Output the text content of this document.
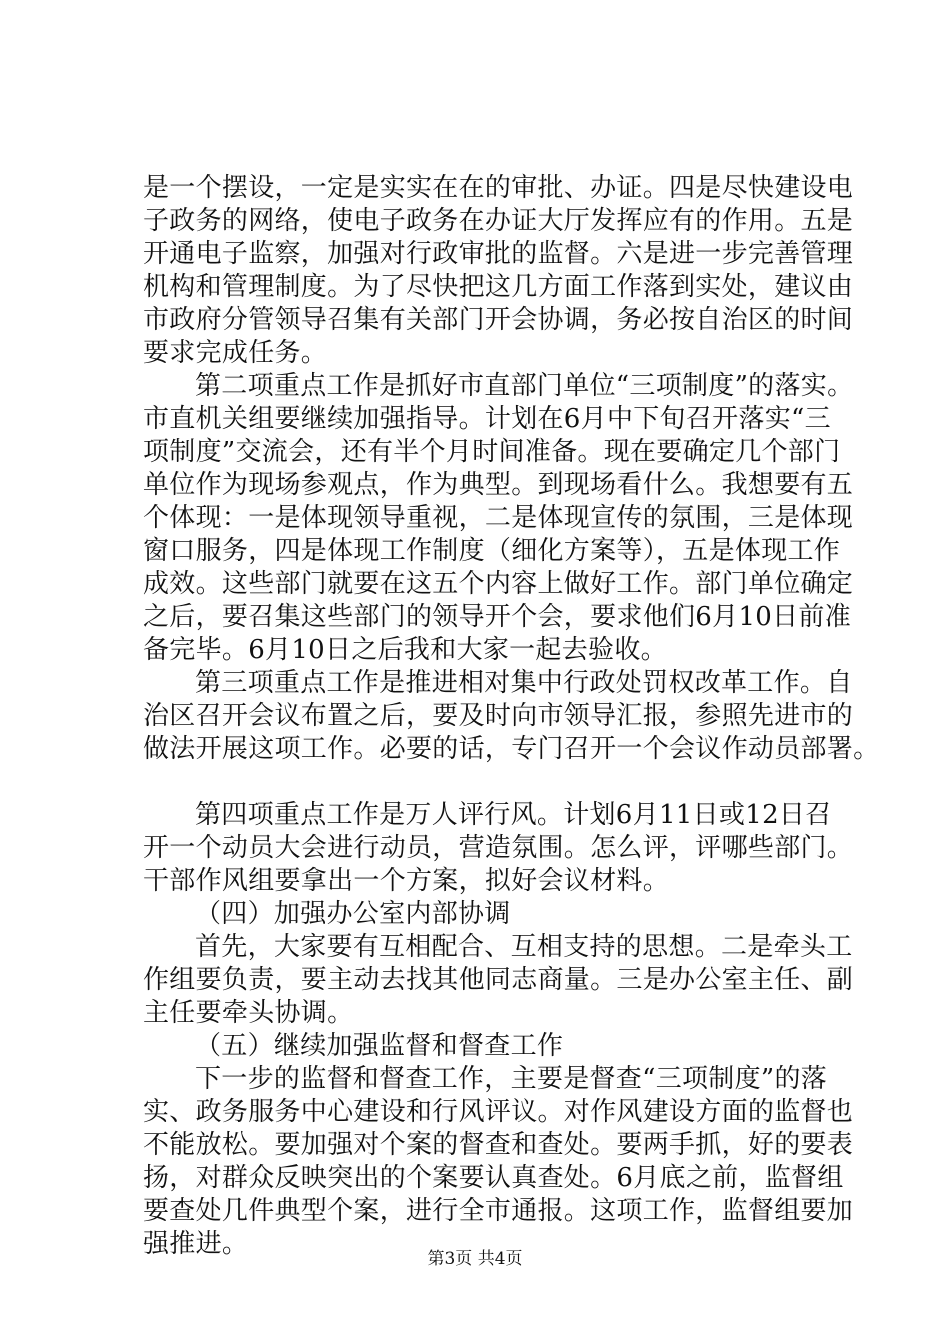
是一个摆设，一定是实实在在的审批、办证。四是尽快建设电
子政务的网络，使电子政务在办证大厅发挥应有的作用。五是
开通电子监察，加强对行政审批的监督。六是进一步完善管理
机构和管理制度。为了尽快把这几方面工作落到实处，建议由
市政府分管领导召集有关部门开会协调，务必按自治区的时间
要求完成任务。
第二项重点工作是抓好市直部门单位“三项制度”的落实。
市直机关组要继续加强指导。计划在6月中下旬召开落实“三
项制度”交流会，还有半个月时间准备。现在要确定几个部门
单位作为现场参观点，作为典型。到现场看什么。我想要有五
个体现：一是体现领导重视，二是体现宣传的氛围，三是体现
窗口服务，四是体现工作制度（细化方案等），五是体现工作
成效。这些部门就要在这五个内容上做好工作。部门单位确定
之后，要召集这些部门的领导开个会，要求他们6月10日前准
备完毕。6月10日之后我和大家一起去验收。
第三项重点工作是推进相对集中行政处罚权改革工作。自
治区召开会议布置之后，要及时向市领导汇报，参照先进市的
做法开展这项工作。必要的话，专门召开一个会议作动员部署。
第四项重点工作是万人评行风。计划6月11日或12日召
开一个动员大会进行动员，营造氛围。怎么评，评哪些部门。
干部作风组要拿出一个方案，拟好会议材料。
（四）加强办公室内部协调
首先，大家要有互相配合、互相支持的思想。二是牵头工
作组要负责，要主动去找其他同志商量。三是办公室主任、副
主任要牵头协调。
（五）继续加强监督和督查工作
下一步的监督和督查工作，主要是督查“三项制度”的落
实、政务服务中心建设和行风评议。对作风建设方面的监督也
不能放松。要加强对个案的督查和查处。要两手抓，好的要表
扬，对群众反映突出的个案要认真查处。6月底之前，监督组
要查处几件典型个案，进行全市通报。这项工作，监督组要加
强推进。	第3页 共4页
